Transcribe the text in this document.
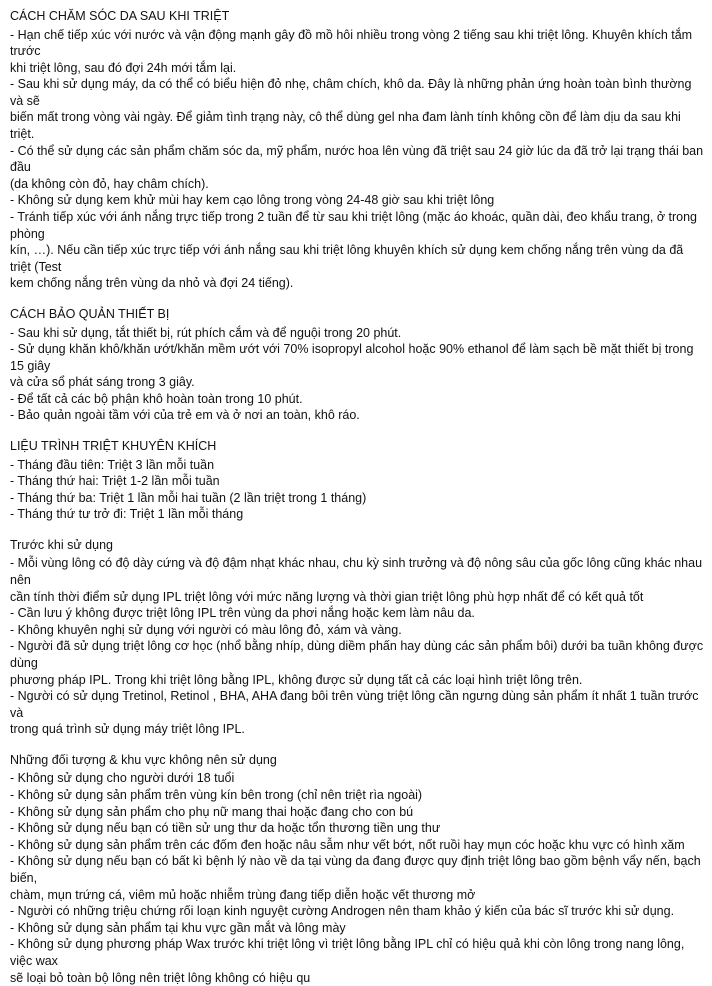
CÁCH CHĂM SÓC DA SAU KHI TRIỆT
- Hạn chế tiếp xúc với nước và vận động mạnh gây đồ mồ hôi nhiều trong vòng 2 tiếng sau khi triệt lông. Khuyên khích tắm trước
khi triệt lông, sau đó đợi 24h mới tắm lại.
- Sau khi sử dụng máy, da có thể có biểu hiện đỏ nhẹ, châm chích, khô da. Đây là những phản ứng hoàn toàn bình thường và sẽ
biến mất trong vòng vài ngày. Để giảm tình trạng này, cô thể dùng gel nha đam lành tính không cồn để làm dịu da sau khi triệt.
- Có thể sử dụng các sản phẩm chăm sóc da, mỹ phẩm, nước hoa lên vùng đã triệt sau 24 giờ lúc da đã trở lại trạng thái ban đầu
(da không còn đỏ, hay châm chích).
- Không sử dụng kem khử mùi hay kem cạo lông trong vòng 24-48 giờ sau khi triệt lông
- Tránh tiếp xúc với ánh nắng trực tiếp trong 2 tuần để từ sau khi triệt lông (mặc áo khoác, quần dài, đeo khẩu trang, ở trong phòng
kín, …). Nếu cần tiếp xúc trực tiếp với ánh nắng sau khi triệt lông khuyên khích sử dụng kem chống nắng trên vùng da đã triệt (Test
kem chống nắng trên vùng da nhỏ và đợi 24 tiếng).
CÁCH BẢO QUẢN THIẾT BỊ
- Sau khi sử dụng, tắt thiết bị, rút phích cắm và để nguội trong 20 phút.
- Sử dụng khăn khô/khăn ướt/khăn mềm ướt với 70% isopropyl alcohol hoặc 90% ethanol để làm sạch bề mặt thiết bị trong 15 giây
và cửa sổ phát sáng trong 3 giây.
- Để tất cả các bộ phận khô hoàn toàn trong 10 phút.
- Bảo quản ngoài tầm với của trẻ em và ở nơi an toàn, khô ráo.
LIỆU TRÌNH TRIỆT KHUYÊN KHÍCH
- Tháng đầu tiên: Triệt 3 lần mỗi tuần
- Tháng thứ hai: Triệt 1-2 lần mỗi tuần
- Tháng thứ ba: Triệt 1 lần mỗi hai tuần (2 lần triệt trong 1 tháng)
- Tháng thứ tư trở đi: Triệt 1 lần mỗi tháng
Trước khi sử dụng
- Mỗi vùng lông có độ dày cứng và độ đậm nhạt khác nhau, chu kỳ sinh trưởng và độ nông sâu của gốc lông cũng khác nhau nên
cần tính thời điểm sử dụng IPL triệt lông với mức năng lượng và thời gian triệt lông phù hợp nhất để có kết quả tốt
- Cần lưu ý không được triệt lông IPL trên vùng da phơi nắng hoặc kem làm nâu da.
- Không khuyên nghị sử dụng với người có màu lông đỏ, xám và vàng.
- Người đã sử dụng triệt lông cơ học (nhổ bằng nhíp, dùng diềm phấn hay dùng các sản phẩm bôi) dưới ba tuần không được dùng
phương pháp IPL. Trong khi triệt lông bằng IPL, không được sử dụng tất cả các loại hình triệt lông trên.
- Người có sử dụng Tretinol, Retinol , BHA, AHA đang bôi trên vùng triệt lông cần ngưng dùng sản phẩm ít nhất 1 tuần trước và
trong quá trình sử dụng máy triệt lông IPL.
Những đối tượng & khu vực không nên sử dụng
- Không sử dụng cho người dưới 18 tuổi
- Không sử dụng sản phẩm trên vùng kín bên trong (chỉ nên triệt rìa ngoài)
- Không sử dụng sản phẩm cho phụ nữ mang thai hoặc đang cho con bú
- Không sử dụng nếu bạn có tiền sử ung thư da hoặc tổn thương tiền ung thư
- Không sử dụng sản phẩm trên các đốm đen hoặc nâu sẫm như vết bớt, nốt ruồi hay mụn cóc hoặc khu vực có hình xăm
- Không sử dụng nếu bạn có bất kì bệnh lý nào về da tại vùng da đang được quy định triệt lông bao gồm bệnh vẩy nến, bạch biến,
chàm, mụn trứng cá, viêm mủ hoặc nhiễm trùng đang tiếp diễn hoặc vết thương mở
- Người có những triệu chứng rối loạn kinh nguyệt cường Androgen nên tham khảo ý kiến của bác sĩ trước khi sử dụng.
- Không sử dụng sản phẩm tại khu vực gần mắt và lông mày
- Không sử dụng phương pháp Wax trước khi triệt lông vì triệt lông bằng IPL chỉ có hiệu quả khi còn lông trong nang lông, việc wax
sẽ loại bỏ toàn bộ lông nên triệt lông không có hiệu qu
